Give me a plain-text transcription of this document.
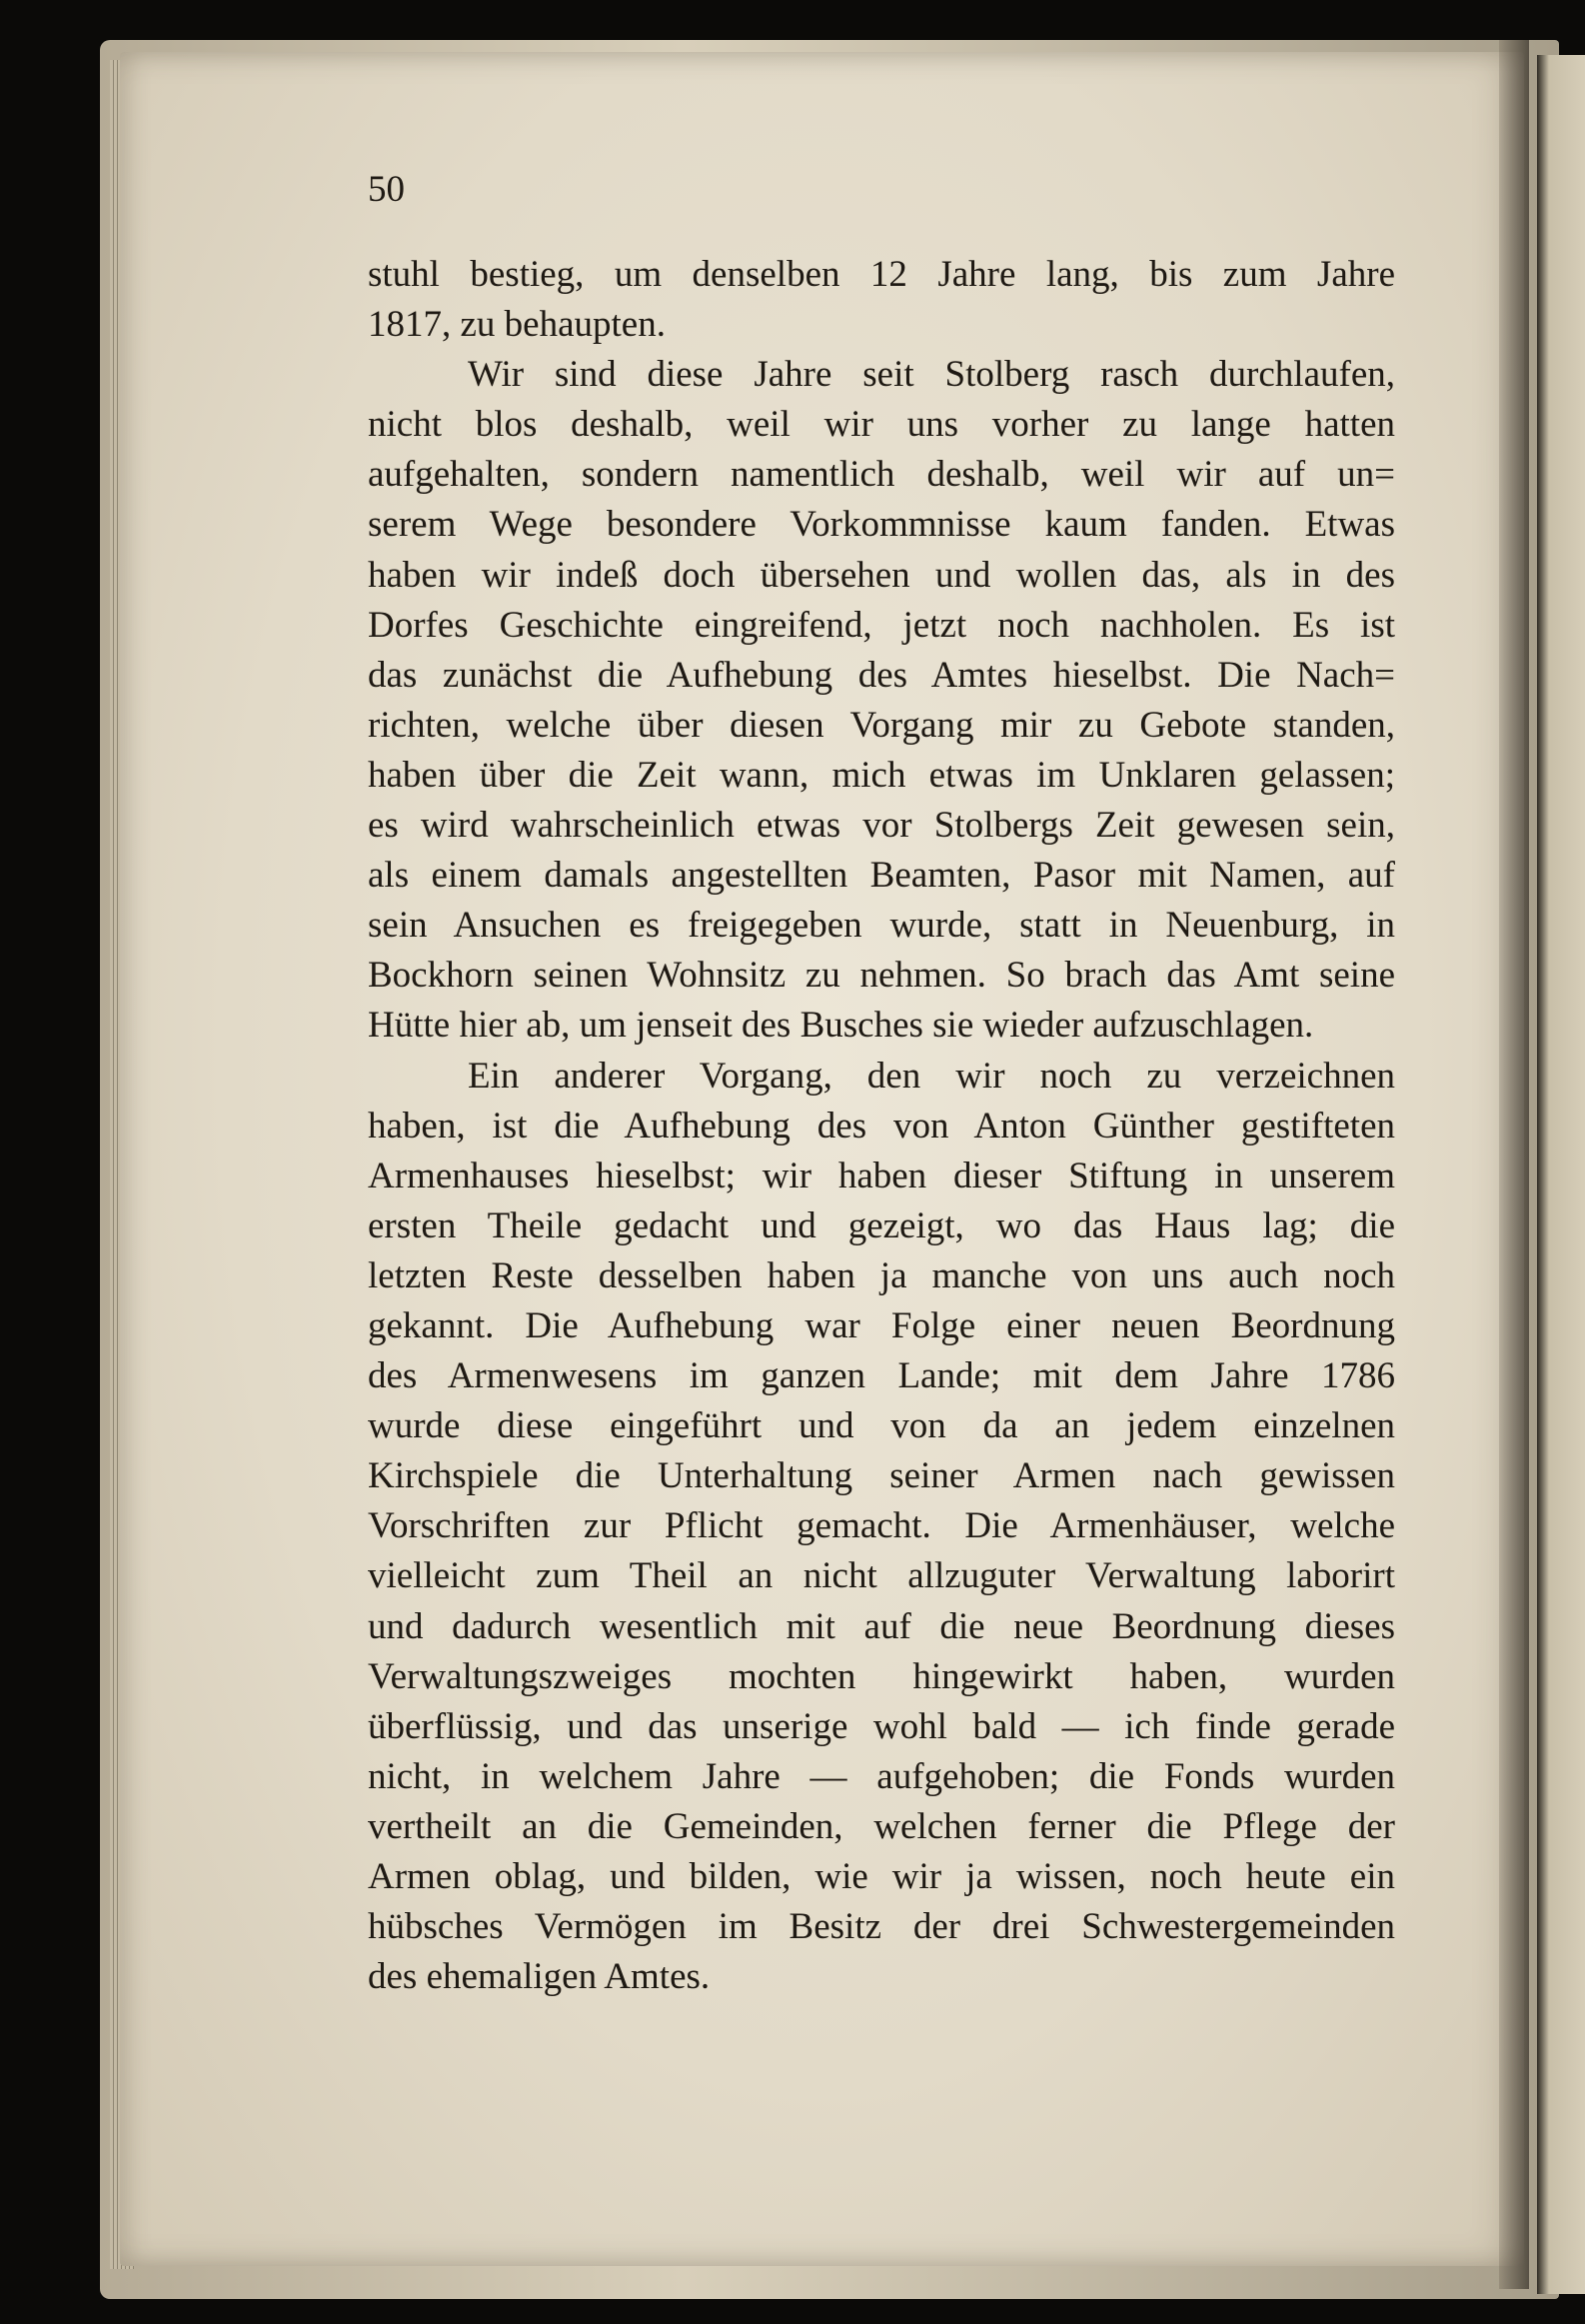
50

stuhl bestieg, um denselben 12 Jahre lang, bis zum Jahre
1817, zu behaupten.
Wir sind diese Jahre seit Stolberg rasch durchlaufen,
nicht blos deshalb, weil wir uns vorher zu lange hatten
aufgehalten, sondern namentlich deshalb, weil wir auf un=
serem Wege besondere Vorkommnisse kaum fanden. Etwas
haben wir indeß doch übersehen und wollen das, als in des
Dorfes Geschichte eingreifend, jetzt noch nachholen. Es ist
das zunächst die Aufhebung des Amtes hieselbst. Die Nach=
richten, welche über diesen Vorgang mir zu Gebote standen,
haben über die Zeit wann, mich etwas im Unklaren gelassen;
es wird wahrscheinlich etwas vor Stolbergs Zeit gewesen sein,
als einem damals angestellten Beamten, Pasor mit Namen, auf
sein Ansuchen es freigegeben wurde, statt in Neuenburg, in
Bockhorn seinen Wohnsitz zu nehmen. So brach das Amt seine
Hütte hier ab, um jenseit des Busches sie wieder aufzuschlagen.
Ein anderer Vorgang, den wir noch zu verzeichnen
haben, ist die Aufhebung des von Anton Günther gestifteten
Armenhauses hieselbst; wir haben dieser Stiftung in unserem
ersten Theile gedacht und gezeigt, wo das Haus lag; die
letzten Reste desselben haben ja manche von uns auch noch
gekannt. Die Aufhebung war Folge einer neuen Beordnung
des Armenwesens im ganzen Lande; mit dem Jahre 1786
wurde diese eingeführt und von da an jedem einzelnen
Kirchspiele die Unterhaltung seiner Armen nach gewissen
Vorschriften zur Pflicht gemacht. Die Armenhäuser, welche
vielleicht zum Theil an nicht allzuguter Verwaltung laborirt
und dadurch wesentlich mit auf die neue Beordnung dieses
Verwaltungszweiges mochten hingewirkt haben, wurden
überflüssig, und das unserige wohl bald — ich finde gerade
nicht, in welchem Jahre — aufgehoben; die Fonds wurden
vertheilt an die Gemeinden, welchen ferner die Pflege der
Armen oblag, und bilden, wie wir ja wissen, noch heute ein
hübsches Vermögen im Besitz der drei Schwestergemeinden
des ehemaligen Amtes.
